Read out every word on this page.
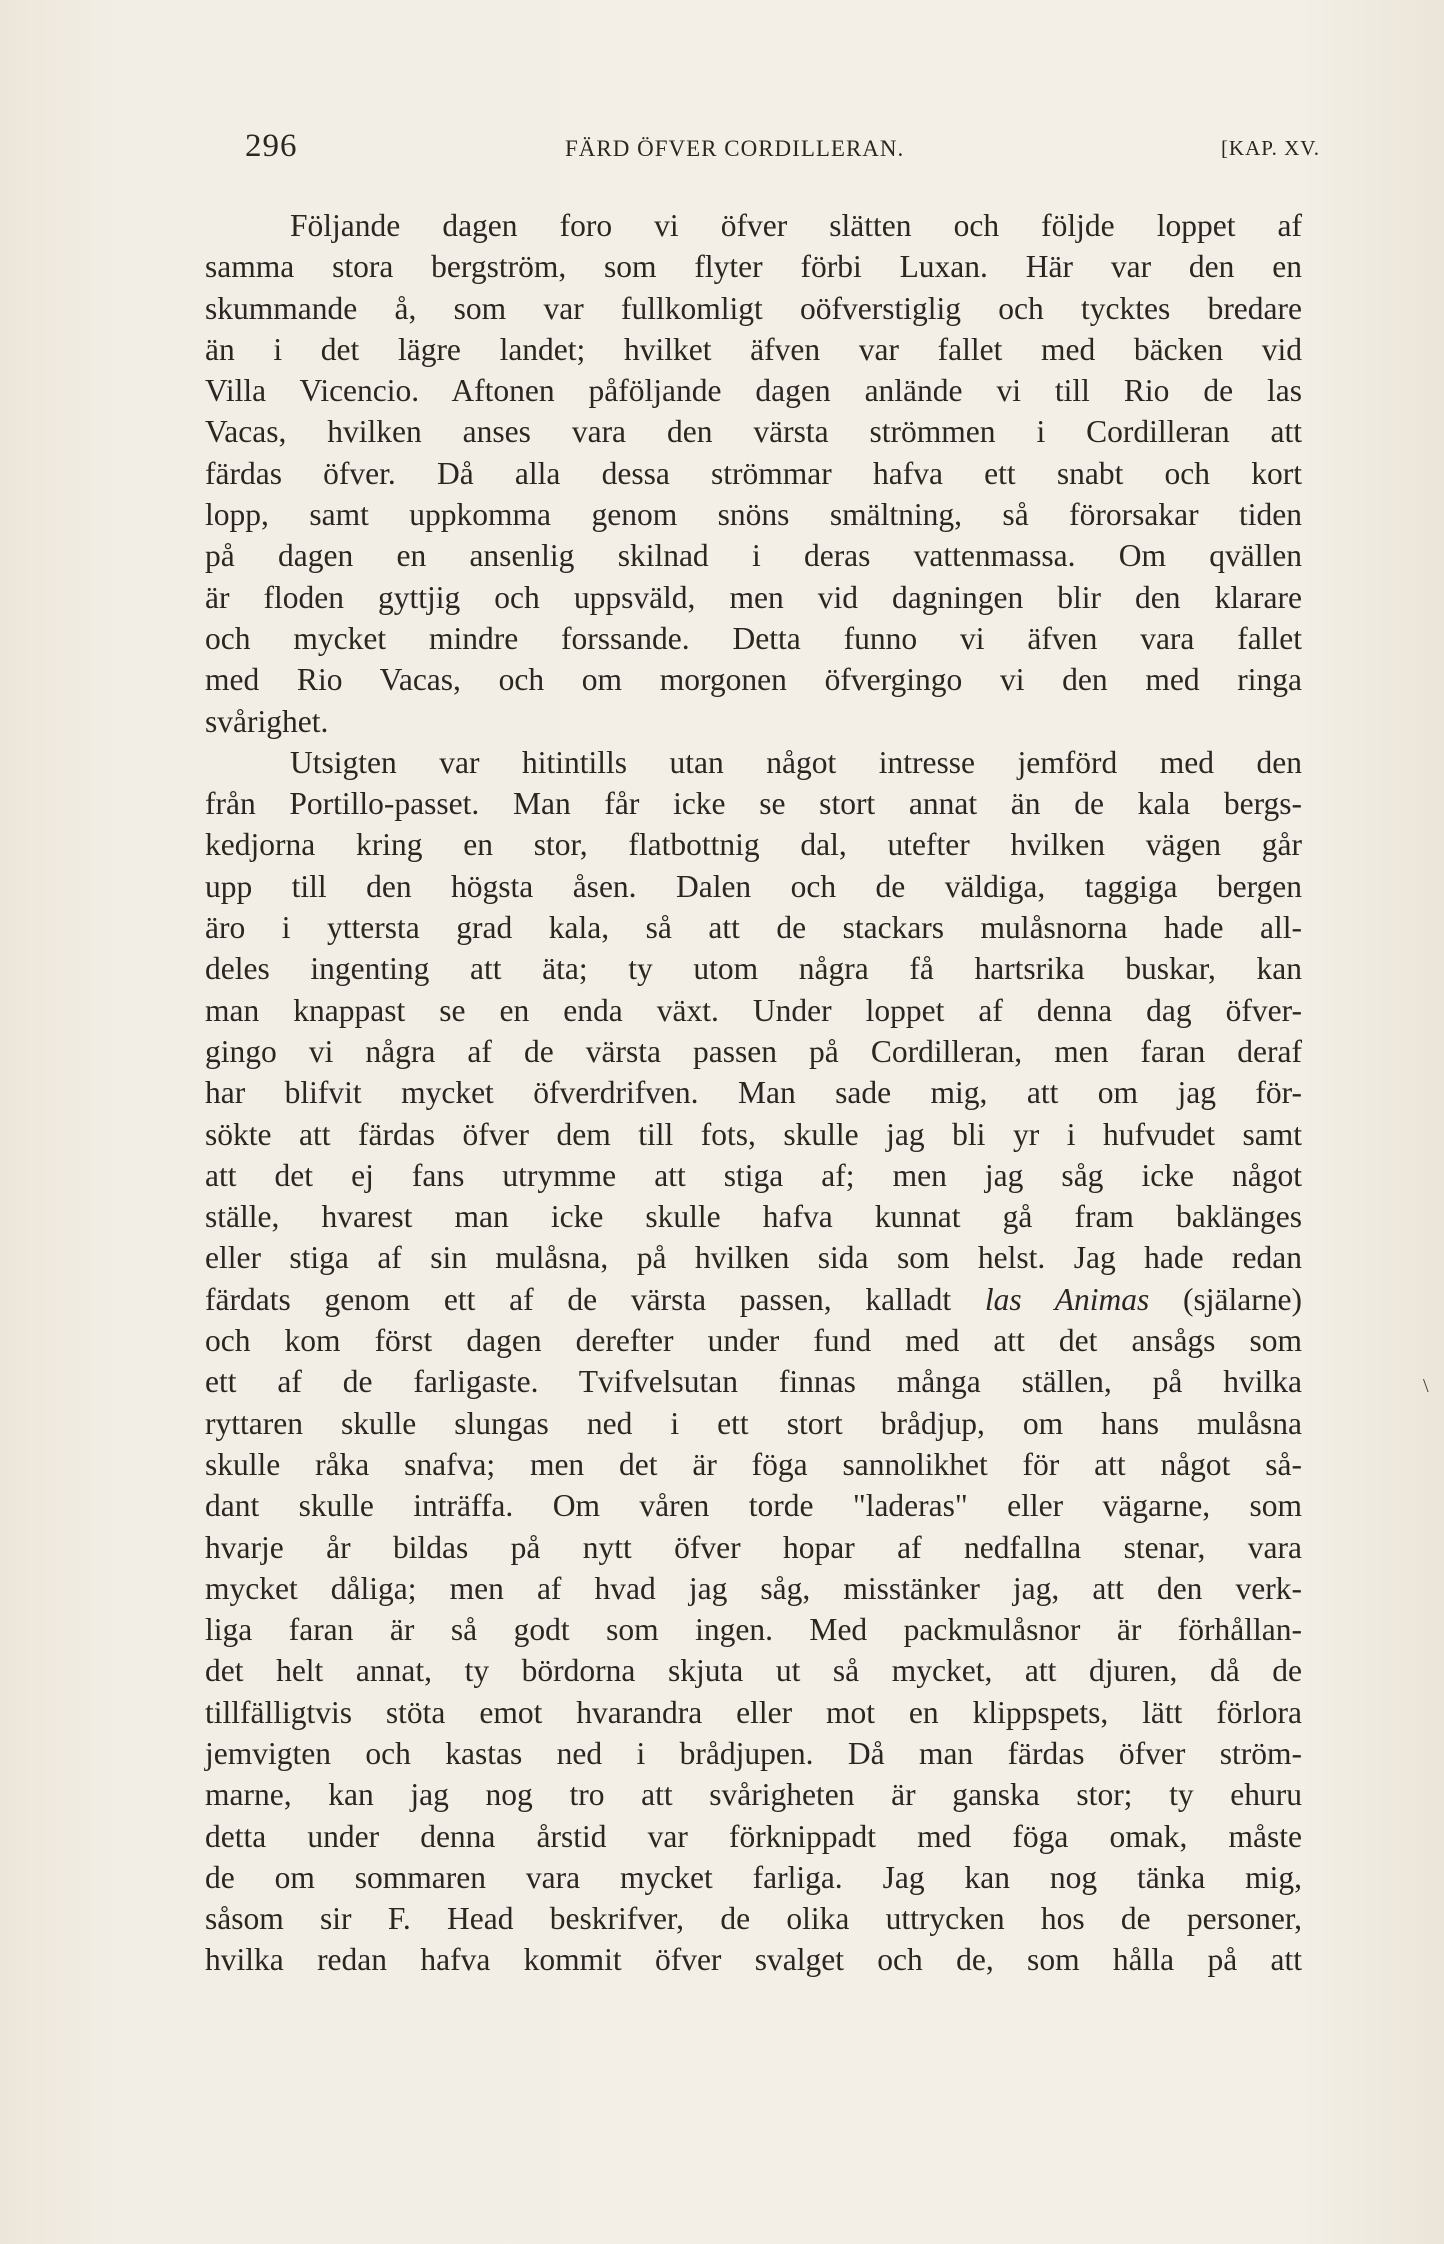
296	FÄRD ÖFVER CORDILLERAN.	[KAP. XV.
Följande dagen foro vi öfver slätten och följde loppet af
samma stora bergström, som flyter förbi Luxan. Här var den en
skummande å, som var fullkomligt oöfverstiglig och tycktes bredare
än i det lägre landet; hvilket äfven var fallet med bäcken vid
Villa Vicencio. Aftonen påföljande dagen anlände vi till Rio de las
Vacas, hvilken anses vara den värsta strömmen i Cordilleran att
färdas öfver. Då alla dessa strömmar hafva ett snabt och kort
lopp, samt uppkomma genom snöns smältning, så förorsakar tiden
på dagen en ansenlig skilnad i deras vattenmassa. Om qvällen
är floden gyttjig och uppsväld, men vid dagningen blir den klarare
och mycket mindre forssande. Detta funno vi äfven vara fallet
med Rio Vacas, och om morgonen öfvergingo vi den med ringa
svårighet.
Utsigten var hitintills utan något intresse jemförd med den
från Portillo-passet. Man får icke se stort annat än de kala bergs-
kedjorna kring en stor, flatbottnig dal, utefter hvilken vägen går
upp till den högsta åsen. Dalen och de väldiga, taggiga bergen
äro i yttersta grad kala, så att de stackars mulåsnorna hade all-
deles ingenting att äta; ty utom några få hartsrika buskar, kan
man knappast se en enda växt. Under loppet af denna dag öfver-
gingo vi några af de värsta passen på Cordilleran, men faran deraf
har blifvit mycket öfverdrifven. Man sade mig, att om jag för-
sökte att färdas öfver dem till fots, skulle jag bli yr i hufvudet samt
att det ej fans utrymme att stiga af; men jag såg icke något
ställe, hvarest man icke skulle hafva kunnat gå fram baklänges
eller stiga af sin mulåsna, på hvilken sida som helst. Jag hade redan
färdats genom ett af de värsta passen, kalladt las Animas (själarne)
och kom först dagen derefter under fund med att det ansågs som
ett af de farligaste. Tvifvelsutan finnas många ställen, på hvilka
ryttaren skulle slungas ned i ett stort brådjup, om hans mulåsna
skulle råka snafva; men det är föga sannolikhet för att något så-
dant skulle inträffa. Om våren torde "laderas" eller vägarne, som
hvarje år bildas på nytt öfver hopar af nedfallna stenar, vara
mycket dåliga; men af hvad jag såg, misstänker jag, att den verk-
liga faran är så godt som ingen. Med packmulåsnor är förhållan-
det helt annat, ty bördorna skjuta ut så mycket, att djuren, då de
tillfälligtvis stöta emot hvarandra eller mot en klippspets, lätt förlora
jemvigten och kastas ned i brådjupen. Då man färdas öfver ström-
marne, kan jag nog tro att svårigheten är ganska stor; ty ehuru
detta under denna årstid var förknippadt med föga omak, måste
de om sommaren vara mycket farliga. Jag kan nog tänka mig,
såsom sir F. Head beskrifver, de olika uttrycken hos de personer,
hvilka redan hafva kommit öfver svalget och de, som hålla på att
\
